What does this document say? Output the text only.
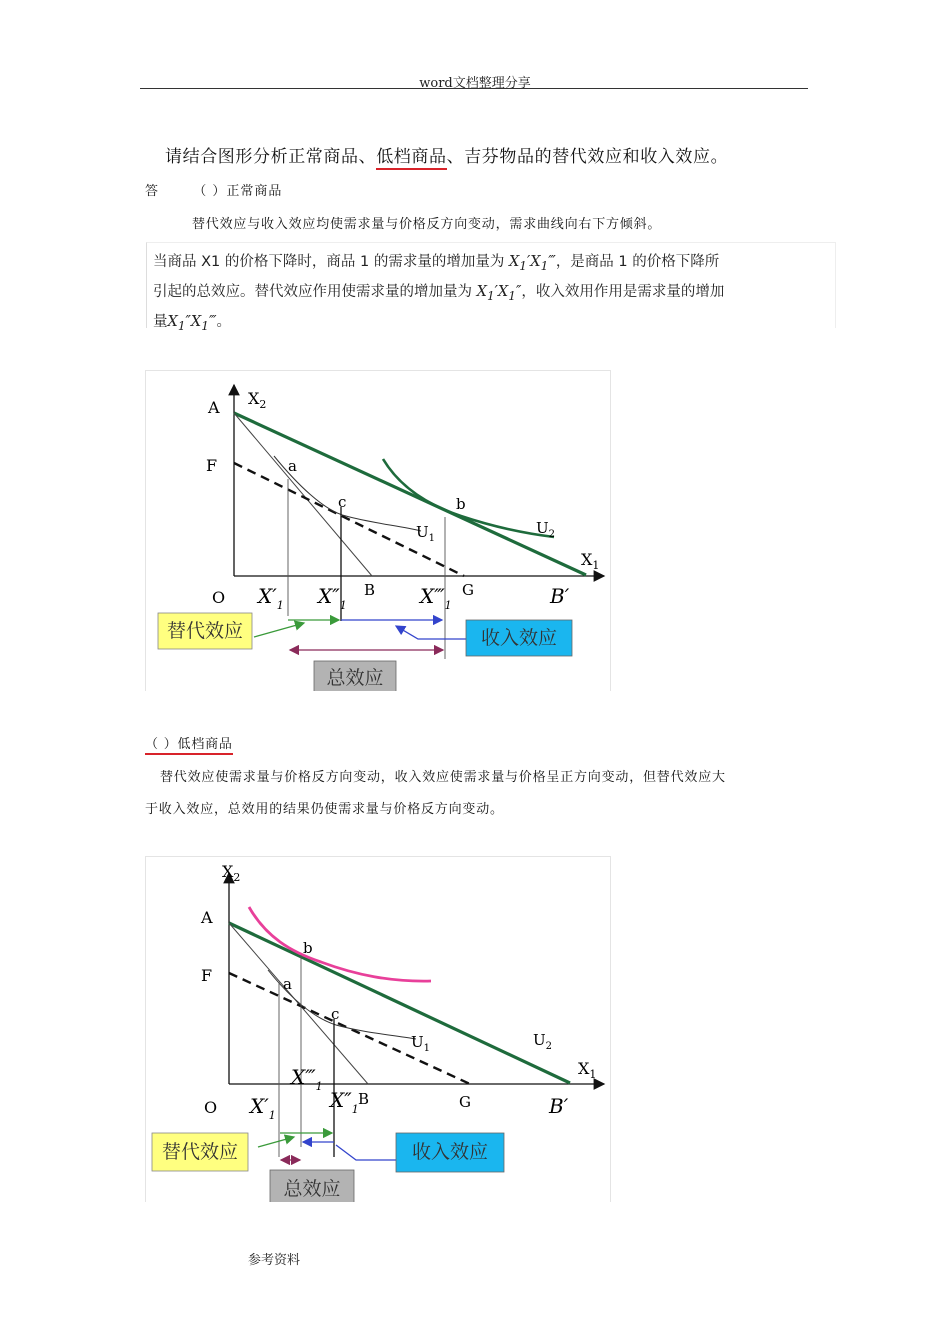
word文档整理分享
请结合图形分析正常商品、低档商品、吉芬物品的替代效应和收入效应。
答	（ ）正常商品
替代效应与收入效应均使需求量与价格反方向变动，需求曲线向右下方倾斜。
当商品 X1 的价格下降时，商品 1 的需求量的增加量为 $X_1'X_1‴$，是商品 1 的价格下降所
引起的总效应。替代效应作用使需求量的增加量为 $X_1'X_1''$，收入效用作用是需求量的增加
量$X_1''X_1‴$。
A $X_2$
F	a
c	b
$U_1$
$U_2$
$X_1$
O	B	G	B′
$X'_1$ $X''_1$	$X‴_1$
替代效应	收入效应
总效应
（ ）低档商品
替代效应使需求量与价格反方向变动，收入效应使需求量与价格呈正方向变动，但替代效应大
于收入效应，总效用的结果仍使需求量与价格反方向变动。
$X_2$
A
F
b
a
c
$U_1$	$U_2$
$X_1$
O	B	G	B′
$X'_1$
$X‴_1$
$X''_1$
替代效应	收入效应
总效应
参考资料
